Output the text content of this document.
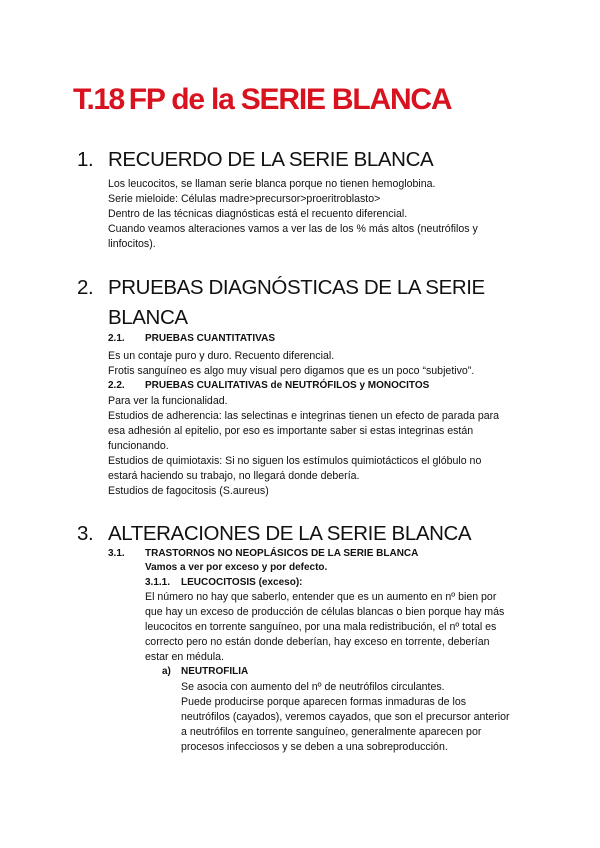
T.18 FP de la SERIE BLANCA
1. RECUERDO DE LA SERIE BLANCA
Los leucocitos, se llaman serie blanca porque no tienen hemoglobina.
Serie mieloide: Células madre>precursor>proeritroblasto>
Dentro de las técnicas diagnósticas está el recuento diferencial.
Cuando veamos alteraciones vamos a ver las de los % más altos (neutrófilos y
linfocitos).
2. PRUEBAS DIAGNÓSTICAS DE LA SERIE
BLANCA
2.1. PRUEBAS CUANTITATIVAS
Es un contaje puro y duro. Recuento diferencial.
Frotis sanguíneo es algo muy visual pero digamos que es un poco “subjetivo”.
2.2. PRUEBAS CUALITATIVAS de NEUTRÓFILOS y MONOCITOS
Para ver la funcionalidad.
Estudios de adherencia: las selectinas e integrinas tienen un efecto de parada para
esa adhesión al epitelio, por eso es importante saber si estas integrinas están
funcionando.
Estudios de quimiotaxis: Si no siguen los estímulos quimiotácticos el glóbulo no
estará haciendo su trabajo, no llegará donde debería.
Estudios de fagocitosis (S.aureus)
3. ALTERACIONES DE LA SERIE BLANCA
3.1. TRASTORNOS NO NEOPLÁSICOS DE LA SERIE BLANCA
Vamos a ver por exceso y por defecto.
3.1.1. LEUCOCITOSIS (exceso):
El número no hay que saberlo, entender que es un aumento en nº bien por
que hay un exceso de producción de células blancas o bien porque hay más
leucocitos en torrente sanguíneo, por una mala redistribución, el nº total es
correcto pero no están donde deberían, hay exceso en torrente, deberían
estar en médula.
a) NEUTROFILIA
Se asocia con aumento del nº de neutrófilos circulantes.
Puede producirse porque aparecen formas inmaduras de los
neutrófilos (cayados), veremos cayados, que son el precursor anterior
a neutrófilos en torrente sanguíneo, generalmente aparecen por
procesos infecciosos y se deben a una sobreproducción.
